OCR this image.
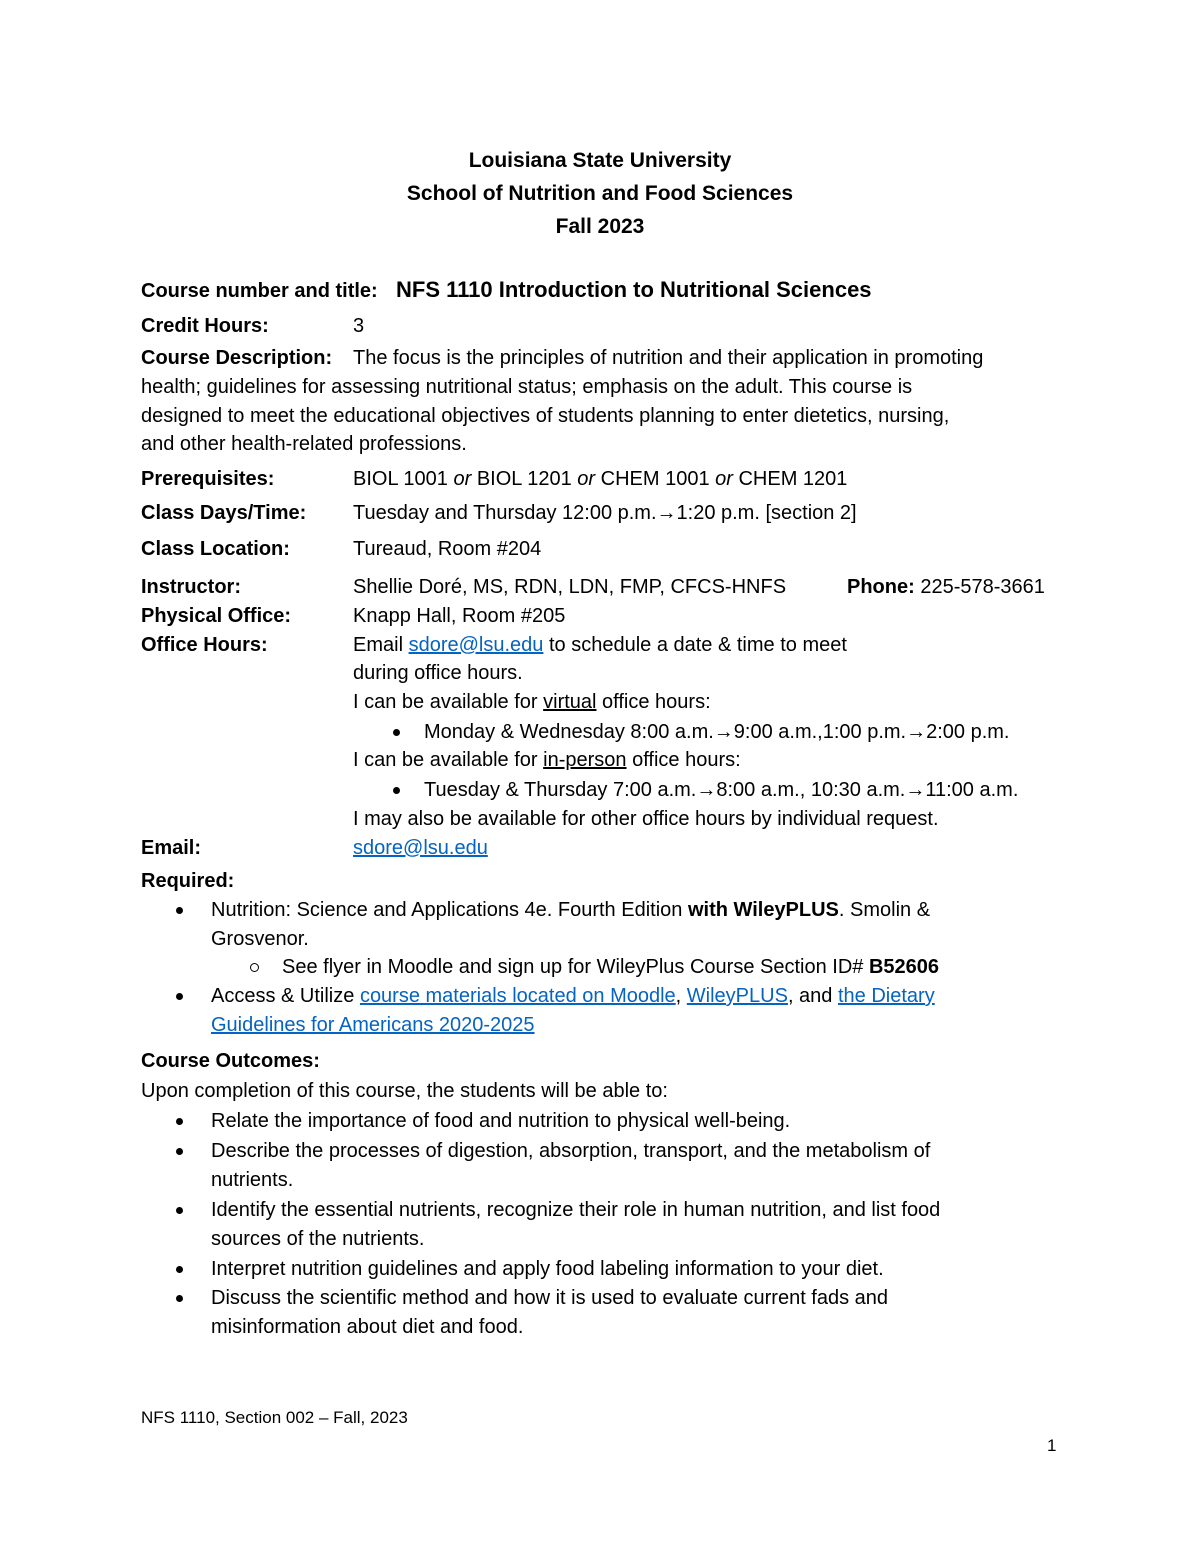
Louisiana State University
School of Nutrition and Food Sciences
Fall 2023
Course number and title: NFS 1110 Introduction to Nutritional Sciences
Credit Hours:	3
Course Description: The focus is the principles of nutrition and their application in promoting
health; guidelines for assessing nutritional status; emphasis on the adult. This course is
designed to meet the educational objectives of students planning to enter dietetics, nursing,
and other health-related professions.
Prerequisites:	BIOL 1001 or BIOL 1201 or CHEM 1001 or CHEM 1201
Class Days/Time: Tuesday and Thursday 12:00 p.m.→1:20 p.m. [section 2]
Class Location:	Tureaud, Room #204
Instructor:	Shellie Doré, MS, RDN, LDN, FMP, CFCS-HNFS	Phone: 225-578-3661
Physical Office:	Knapp Hall, Room #205
Office Hours:	Email sdore@lsu.edu to schedule a date & time to meet
during office hours.
I can be available for virtual office hours:
Monday & Wednesday 8:00 a.m.→9:00 a.m.,1:00 p.m.→2:00 p.m.
I can be available for in-person office hours:
Tuesday & Thursday 7:00 a.m.→8:00 a.m., 10:30 a.m.→11:00 a.m.
I may also be available for other office hours by individual request.
Email:	sdore@lsu.edu
Required:
Nutrition: Science and Applications 4e. Fourth Edition with WileyPLUS. Smolin &
Grosvenor.
See flyer in Moodle and sign up for WileyPlus Course Section ID# B52606
Access & Utilize course materials located on Moodle, WileyPLUS, and the Dietary
Guidelines for Americans 2020-2025
Course Outcomes:
Upon completion of this course, the students will be able to:
Relate the importance of food and nutrition to physical well-being.
Describe the processes of digestion, absorption, transport, and the metabolism of
nutrients.
Identify the essential nutrients, recognize their role in human nutrition, and list food
sources of the nutrients.
Interpret nutrition guidelines and apply food labeling information to your diet.
Discuss the scientific method and how it is used to evaluate current fads and
misinformation about diet and food.
NFS 1110, Section 002 – Fall, 2023
1
